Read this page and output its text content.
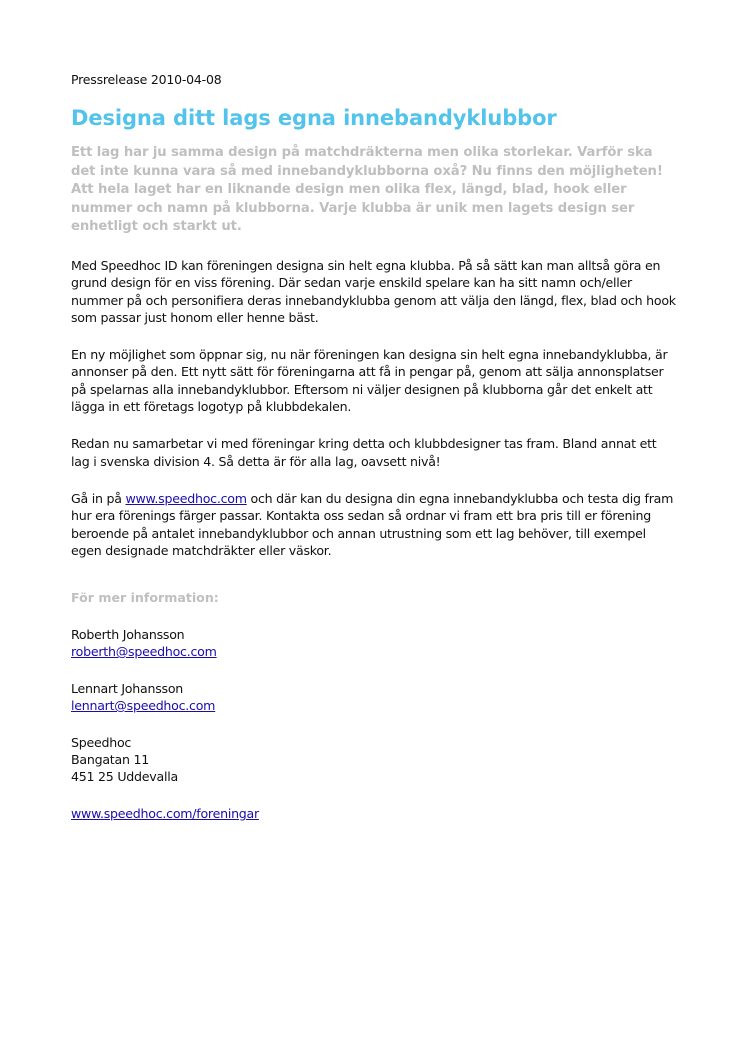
Pressrelease 2010-04-08

Designa ditt lags egna innebandyklubbor

Ett lag har ju samma design på matchdräkterna men olika storlekar. Varför ska det inte kunna vara så med innebandyklubborna oxå? Nu finns den möjligheten! Att hela laget har en liknande design men olika flex, längd, blad, hook eller nummer och namn på klubborna. Varje klubba är unik men lagets design ser enhetligt och starkt ut.

Med Speedhoc ID kan föreningen designa sin helt egna klubba. På så sätt kan man alltså göra en grund design för en viss förening. Där sedan varje enskild spelare kan ha sitt namn och/eller nummer på och personifiera deras innebandyklubba genom att välja den längd, flex, blad och hook som passar just honom eller henne bäst.

En ny möjlighet som öppnar sig, nu när föreningen kan designa sin helt egna innebandyklubba, är annonser på den. Ett nytt sätt för föreningarna att få in pengar på, genom att sälja annonsplatser på spelarnas alla innebandyklubbor. Eftersom ni väljer designen på klubborna går det enkelt att lägga in ett företags logotyp på klubbdekalen.

Redan nu samarbetar vi med föreningar kring detta och klubbdesigner tas fram. Bland annat ett lag i svenska division 4. Så detta är för alla lag, oavsett nivå!

Gå in på www.speedhoc.com och där kan du designa din egna innebandyklubba och testa dig fram hur era förenings färger passar. Kontakta oss sedan så ordnar vi fram ett bra pris till er förening beroende på antalet innebandyklubbor och annan utrustning som ett lag behöver, till exempel egen designade matchdräkter eller väskor.

För mer information:

Roberth Johansson
roberth@speedhoc.com
Lennart Johansson
lennart@speedhoc.com
Speedhoc
Bangatan 11
451 25 Uddevalla
www.speedhoc.com/foreningar
